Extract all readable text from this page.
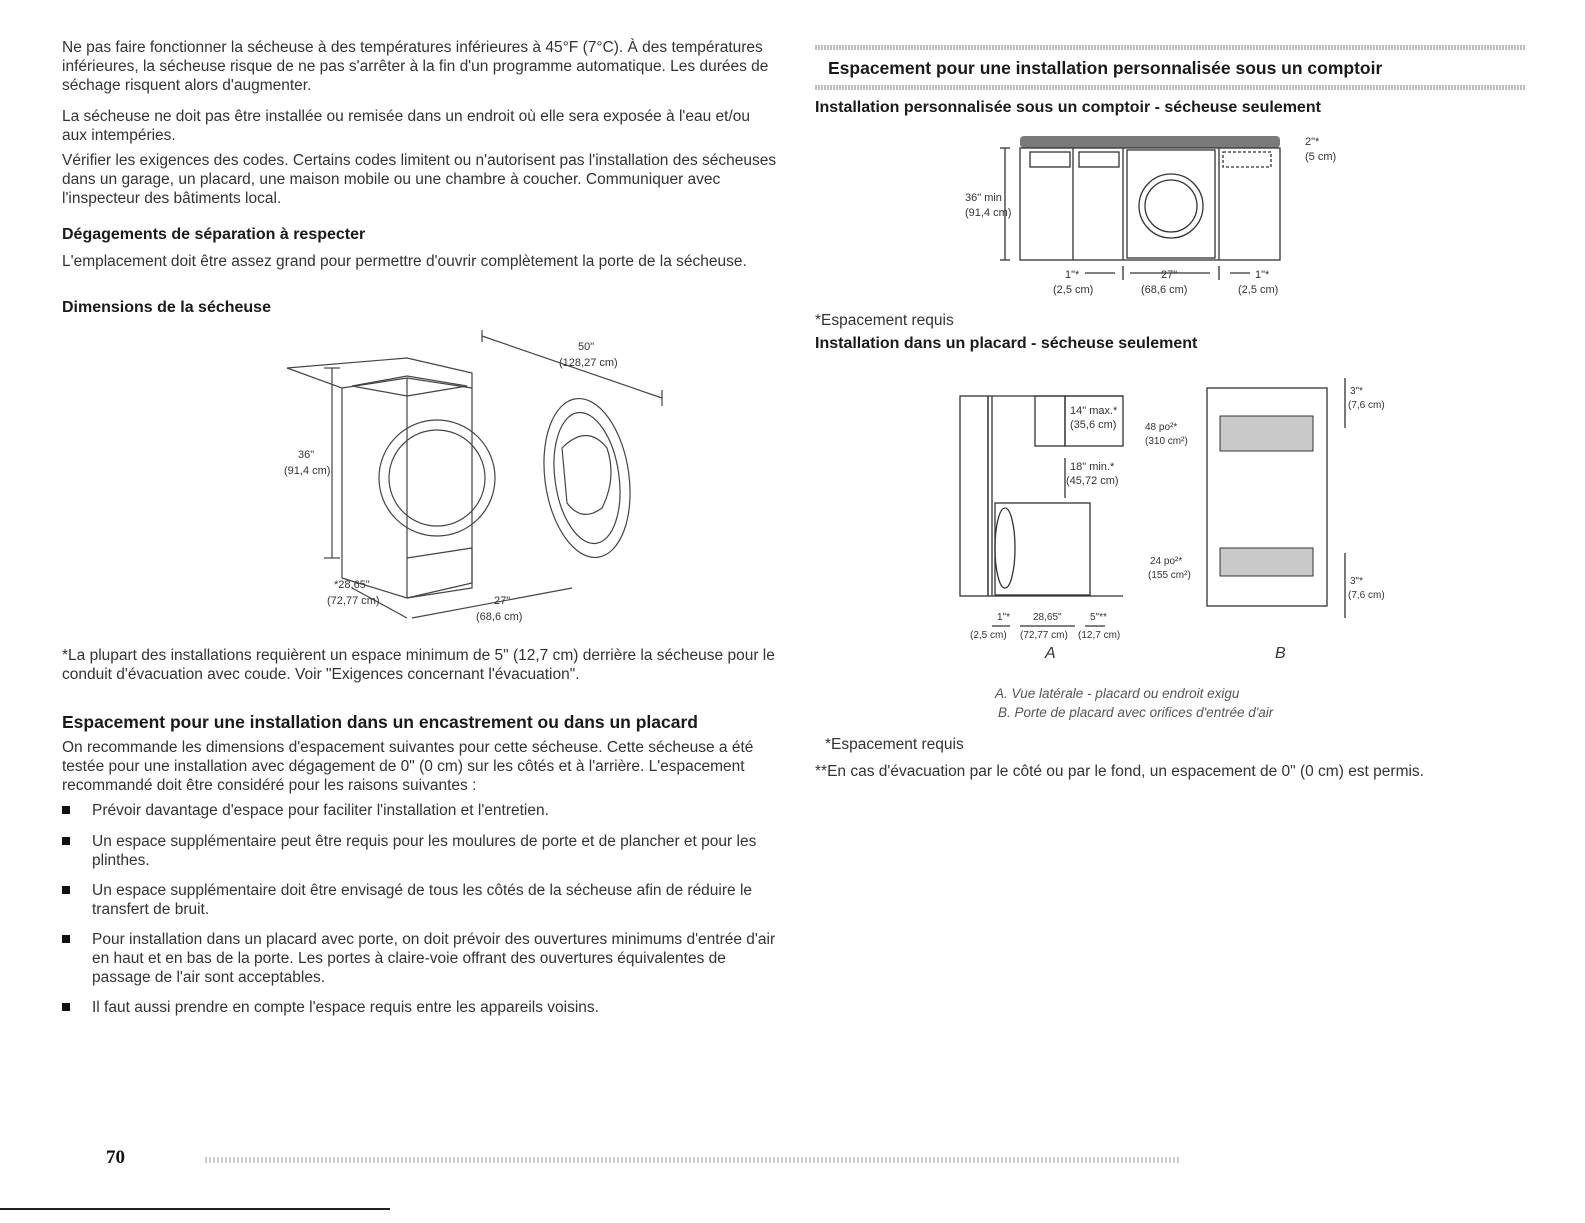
Ne pas faire fonctionner la sécheuse à des températures inférieures à 45°F (7°C). À des températures inférieures, la sécheuse risque de ne pas s'arrêter à la fin d'un programme automatique. Les durées de séchage risquent alors d'augmenter.

La sécheuse ne doit pas être installée ou remisée dans un endroit où elle sera exposée à l'eau et/ou aux intempéries.

Vérifier les exigences des codes. Certains codes limitent ou n'autorisent pas l'installation des sécheuses dans un garage, un placard, une maison mobile ou une chambre à coucher. Communiquer avec l'inspecteur des bâtiments local.

Dégagements de séparation à respecter

L'emplacement doit être assez grand pour permettre d'ouvrir complètement la porte de la sécheuse.

Dimensions de la sécheuse
50"
(128,27 cm)
36"
(91,4 cm)
*28,65"
(72,77 cm)	27"
(68,6 cm)

*La plupart des installations requièrent un espace minimum de 5" (12,7 cm) derrière la sécheuse pour le conduit d'évacuation avec coude. Voir "Exigences concernant l'évacuation".

Espacement pour une installation dans un encastrement ou dans un placard

On recommande les dimensions d'espacement suivantes pour cette sécheuse. Cette sécheuse a été testée pour une installation avec dégagement de 0" (0 cm) sur les côtés et à l'arrière. L'espacement recommandé doit être considéré pour les raisons suivantes :

Prévoir davantage d'espace pour faciliter l'installation et l'entretien.
Un espace supplémentaire peut être requis pour les moulures de porte et de plancher et pour les plinthes.
Un espace supplémentaire doit être envisagé de tous les côtés de la sécheuse afin de réduire le transfert de bruit.
Pour installation dans un placard avec porte, on doit prévoir des ouvertures minimums d'entrée d'air en haut et en bas de la porte. Les portes à claire-voie offrant des ouvertures équivalentes de passage de l'air sont acceptables.
Il faut aussi prendre en compte l'espace requis entre les appareils voisins.
Espacement pour une installation personnalisée sous un comptoir
Installation personnalisée sous un comptoir - sécheuse seulement
2"*
(5 cm)
36" min
(91,4 cm)
1"*
(2,5 cm)
27"
(68,6 cm)
1"*
(2,5 cm)

*Espacement requis

Installation dans un placard - sécheuse seulement
14" max.*
(35,6 cm)
18" min.*
(45,72 cm)
48 po²*
(310 cm²)
24 po²*
(155 cm²)
3"*
(7,6 cm)
3"*
(7,6 cm)
1"*
(2,5 cm)
28,65"
(72,77 cm)
5"**
(12,7 cm)
A	B
A. Vue latérale - placard ou endroit exigu
B. Porte de placard avec orifices d'entrée d'air

*Espacement requis

**En cas d'évacuation par le côté ou par le fond, un espacement de 0" (0 cm) est permis.

70
